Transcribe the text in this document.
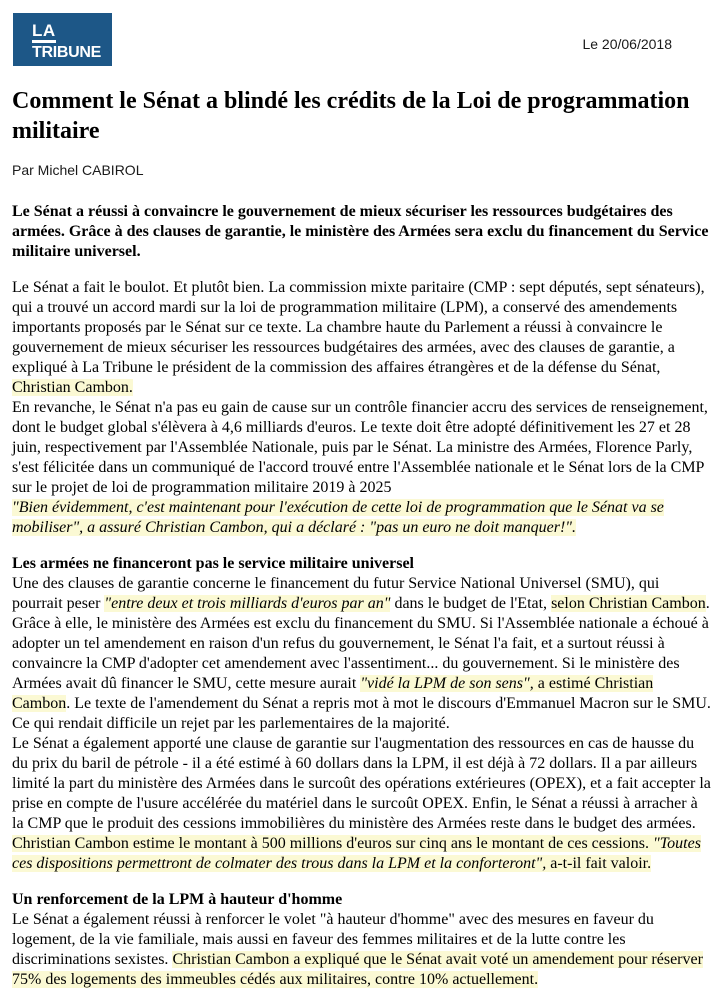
LA
TRIBUNE	Le 20/06/2018
Comment le Sénat a blindé les crédits de la Loi de programmation militaire
Par Michel CABIROL

Le Sénat a réussi à convaincre le gouvernement de mieux sécuriser les ressources budgétaires des armées. Grâce à des clauses de garantie, le ministère des Armées sera exclu du financement du Service militaire universel.

Le Sénat a fait le boulot. Et plutôt bien. La commission mixte paritaire (CMP : sept députés, sept sénateurs), qui a trouvé un accord mardi sur la loi de programmation militaire (LPM), a conservé des amendements importants proposés par le Sénat sur ce texte. La chambre haute du Parlement a réussi à convaincre le gouvernement de mieux sécuriser les ressources budgétaires des armées, avec des clauses de garantie, a expliqué à La Tribune le président de la commission des affaires étrangères et de la défense du Sénat, Christian Cambon.

En revanche, le Sénat n'a pas eu gain de cause sur un contrôle financier accru des services de renseignement, dont le budget global s'élèvera à 4,6 milliards d'euros. Le texte doit être adopté définitivement les 27 et 28 juin, respectivement par l'Assemblée Nationale, puis par le Sénat. La ministre des Armées, Florence Parly, s'est félicitée dans un communiqué de l'accord trouvé entre l'Assemblée nationale et le Sénat lors de la CMP sur le projet de loi de programmation militaire 2019 à 2025

"Bien évidemment, c'est maintenant pour l'exécution de cette loi de programmation que le Sénat va se mobiliser", a assuré Christian Cambon, qui a déclaré : "pas un euro ne doit manquer!".

Les armées ne financeront pas le service militaire universel

Une des clauses de garantie concerne le financement du futur Service National Universel (SMU), qui pourrait peser "entre deux et trois milliards d'euros par an" dans le budget de l'Etat, selon Christian Cambon. Grâce à elle, le ministère des Armées est exclu du financement du SMU. Si l'Assemblée nationale a échoué à adopter un tel amendement en raison d'un refus du gouvernement, le Sénat l'a fait, et a surtout réussi à convaincre la CMP d'adopter cet amendement avec l'assentiment... du gouvernement. Si le ministère des Armées avait dû financer le SMU, cette mesure aurait "vidé la LPM de son sens", a estimé Christian Cambon. Le texte de l'amendement du Sénat a repris mot à mot le discours d'Emmanuel Macron sur le SMU. Ce qui rendait difficile un rejet par les parlementaires de la majorité.

Le Sénat a également apporté une clause de garantie sur l'augmentation des ressources en cas de hausse du du prix du baril de pétrole - il a été estimé à 60 dollars dans la LPM, il est déjà à 72 dollars. Il a par ailleurs limité la part du ministère des Armées dans le surcoût des opérations extérieures (OPEX), et a fait accepter la prise en compte de l'usure accélérée du matériel dans le surcoût OPEX. Enfin, le Sénat a réussi à arracher à la CMP que le produit des cessions immobilières du ministère des Armées reste dans le budget des armées. Christian Cambon estime le montant à 500 millions d'euros sur cinq ans le montant de ces cessions. "Toutes ces dispositions permettront de colmater des trous dans la LPM et la conforteront", a-t-il fait valoir.

Un renforcement de la LPM à hauteur d'homme

Le Sénat a également réussi à renforcer le volet "à hauteur d'homme" avec des mesures en faveur du logement, de la vie familiale, mais aussi en faveur des femmes militaires et de la lutte contre les discriminations sexistes. Christian Cambon a expliqué que le Sénat avait voté un amendement pour réserver 75% des logements des immeubles cédés aux militaires, contre 10% actuellement.
